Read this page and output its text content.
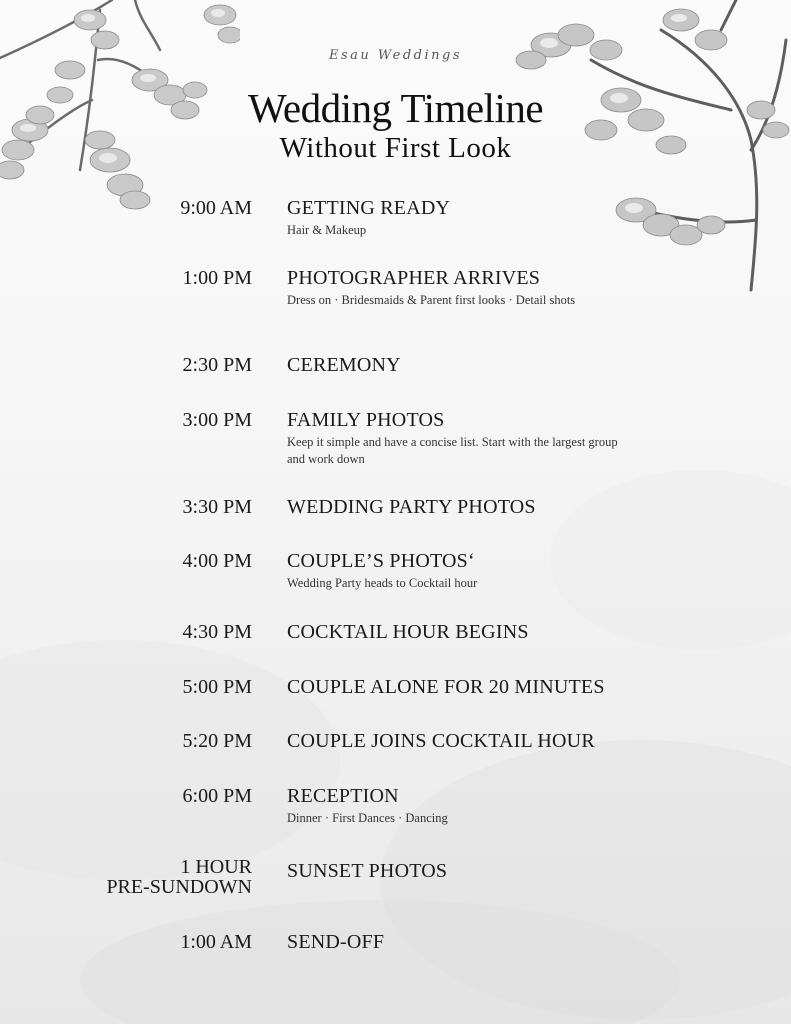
Esau Weddings
Wedding Timeline
Without First Look
9:00 AM GETTING READY
Hair & Makeup
1:00 PM PHOTOGRAPHER ARRIVES
Dress on · Bridesmaids & Parent first looks · Detail shots
2:30 PM CEREMONY
3:00 PM FAMILY PHOTOS
Keep it simple and have a concise list. Start with the largest group and work down
3:30 PM WEDDING PARTY PHOTOS
4:00 PM COUPLE’S PHOTOS‘
Wedding Party heads to Cocktail hour
4:30 PM COCKTAIL HOUR BEGINS
5:00 PM COUPLE ALONE FOR 20 MINUTES
5:20 PM COUPLE JOINS COCKTAIL HOUR
6:00 PM RECEPTION
Dinner · First Dances · Dancing
1 HOUR
PRE-SUNDOWN
SUNSET PHOTOS
1:00 AM SEND-OFF
